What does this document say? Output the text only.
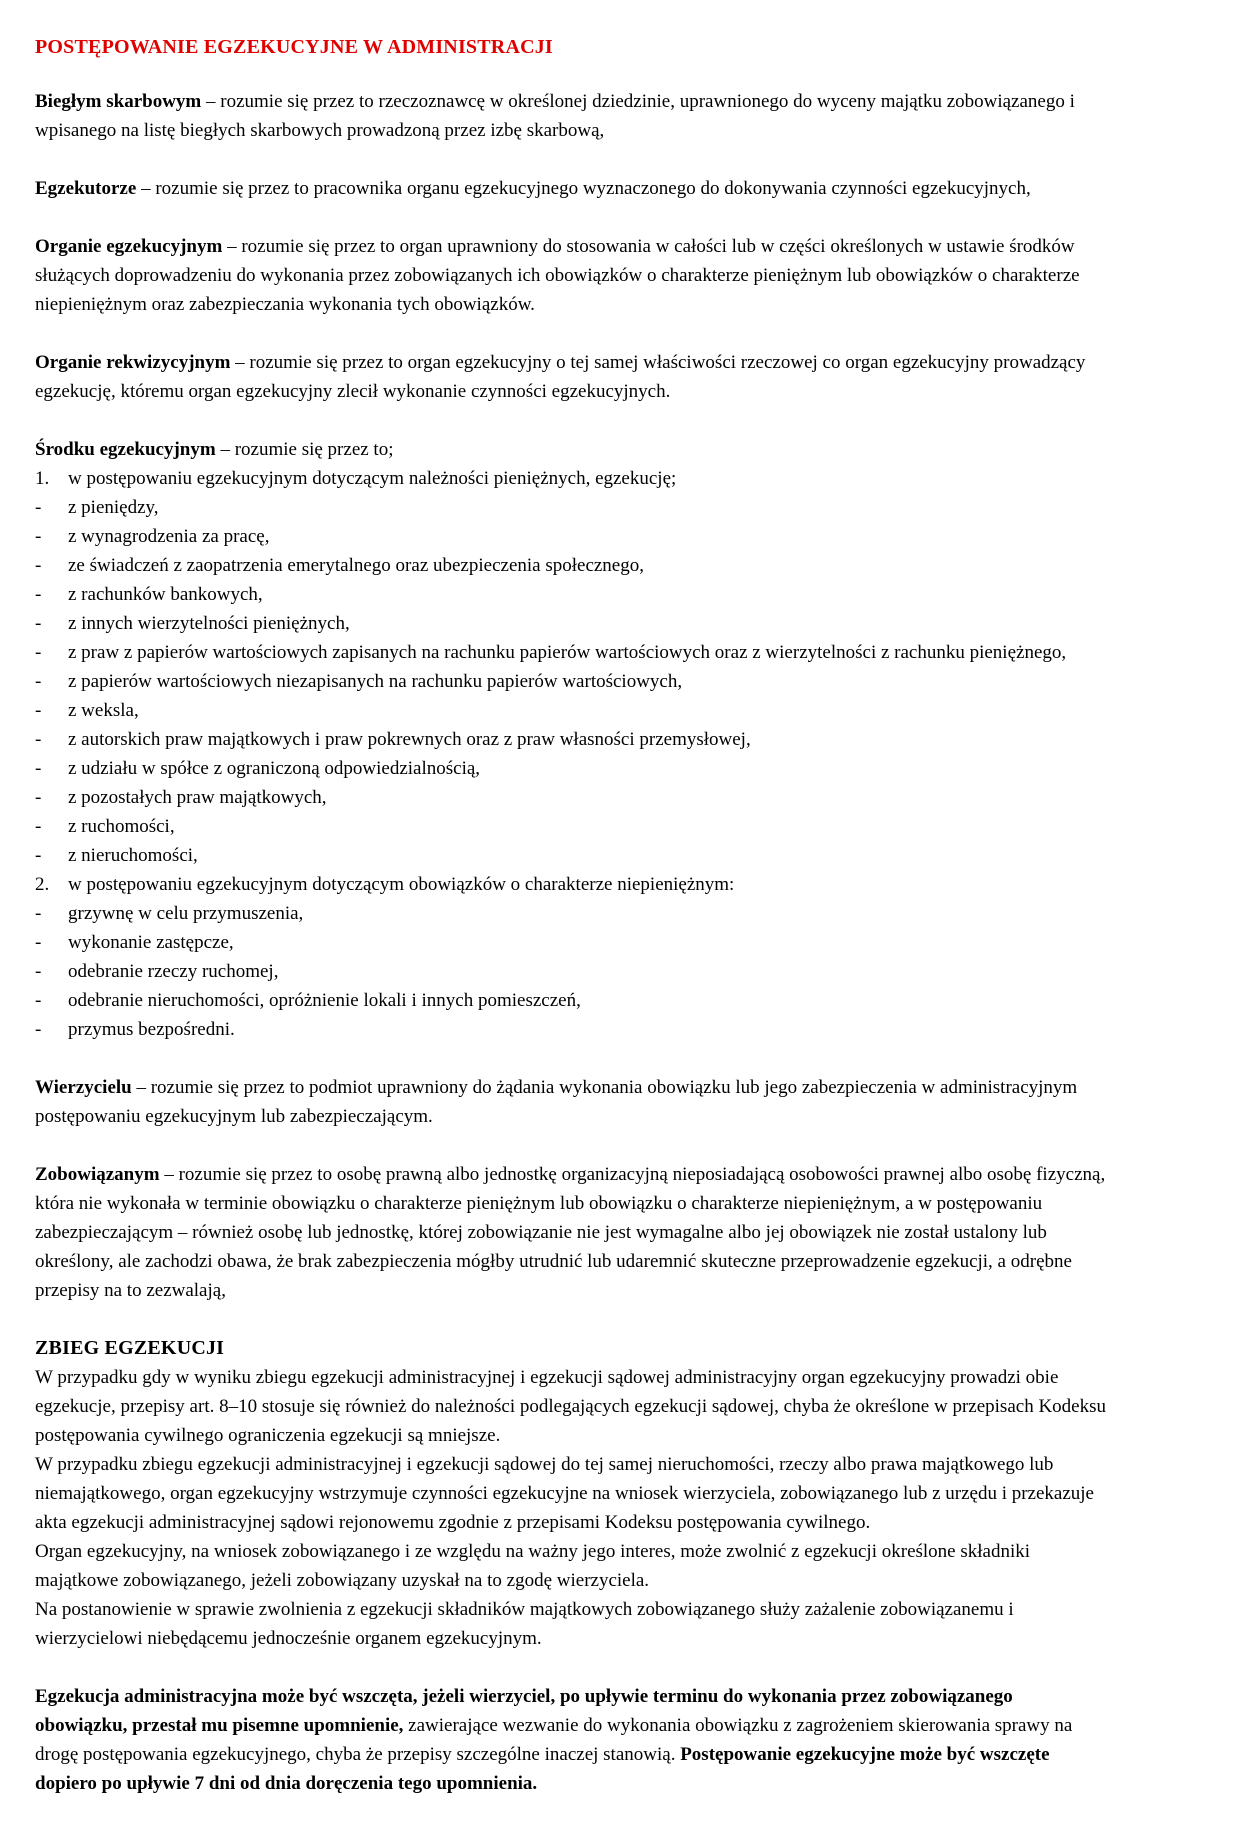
POSTĘPOWANIE EGZEKUCYJNE W ADMINISTRACJI

Biegłym skarbowym – rozumie się przez to rzeczoznawcę w określonej dziedzinie, uprawnionego do wyceny majątku zobowiązanego i wpisanego na listę biegłych skarbowych prowadzoną przez izbę skarbową,

Egzekutorze – rozumie się przez to pracownika organu egzekucyjnego wyznaczonego do dokonywania czynności egzekucyjnych,

Organie egzekucyjnym – rozumie się przez to organ uprawniony do stosowania w całości lub w części określonych w ustawie środków służących doprowadzeniu do wykonania przez zobowiązanych ich obowiązków o charakterze pieniężnym lub obowiązków o charakterze niepieniężnym oraz zabezpieczania wykonania tych obowiązków.

Organie rekwizycyjnym – rozumie się przez to organ egzekucyjny o tej samej właściwości rzeczowej co organ egzekucyjny prowadzący egzekucję, któremu organ egzekucyjny zlecił wykonanie czynności egzekucyjnych.

Środku egzekucyjnym – rozumie się przez to;

1. w postępowaniu egzekucyjnym dotyczącym należności pieniężnych, egzekucję;
-	z pieniędzy,
-	z wynagrodzenia za pracę,
-	ze świadczeń z zaopatrzenia emerytalnego oraz ubezpieczenia społecznego,
-	z rachunków bankowych,
-	z innych wierzytelności pieniężnych,
-	z praw z papierów wartościowych zapisanych na rachunku papierów wartościowych oraz z wierzytelności z rachunku pieniężnego,
-	z papierów wartościowych niezapisanych na rachunku papierów wartościowych,
-	z weksla,
-	z autorskich praw majątkowych i praw pokrewnych oraz z praw własności przemysłowej,
-	z udziału w spółce z ograniczoną odpowiedzialnością,
-	z pozostałych praw majątkowych,
-	z ruchomości,
-	z nieruchomości,
2. w postępowaniu egzekucyjnym dotyczącym obowiązków o charakterze niepieniężnym:
-	grzywnę w celu przymuszenia,
-	wykonanie zastępcze,
-	odebranie rzeczy ruchomej,
-	odebranie nieruchomości, opróżnienie lokali i innych pomieszczeń,
-	przymus bezpośredni.

Wierzycielu – rozumie się przez to podmiot uprawniony do żądania wykonania obowiązku lub jego zabezpieczenia w administracyjnym postępowaniu egzekucyjnym lub zabezpieczającym.

Zobowiązanym – rozumie się przez to osobę prawną albo jednostkę organizacyjną nieposiadającą osobowości prawnej albo osobę fizyczną, która nie wykonała w terminie obowiązku o charakterze pieniężnym lub obowiązku o charakterze niepieniężnym, a w postępowaniu zabezpieczającym – również osobę lub jednostkę, której zobowiązanie nie jest wymagalne albo jej obowiązek nie został ustalony lub określony, ale zachodzi obawa, że brak zabezpieczenia mógłby utrudnić lub udaremnić skuteczne przeprowadzenie egzekucji, a odrębne przepisy na to zezwalają,

ZBIEG EGZEKUCJI

W przypadku gdy w wyniku zbiegu egzekucji administracyjnej i egzekucji sądowej administracyjny organ egzekucyjny prowadzi obie egzekucje, przepisy art. 8–10 stosuje się również do należności podlegających egzekucji sądowej, chyba że określone w przepisach Kodeksu postępowania cywilnego ograniczenia egzekucji są mniejsze.

W przypadku zbiegu egzekucji administracyjnej i egzekucji sądowej do tej samej nieruchomości, rzeczy albo prawa majątkowego lub niemajątkowego, organ egzekucyjny wstrzymuje czynności egzekucyjne na wniosek wierzyciela, zobowiązanego lub z urzędu i przekazuje akta egzekucji administracyjnej sądowi rejonowemu zgodnie z przepisami Kodeksu postępowania cywilnego.

Organ egzekucyjny, na wniosek zobowiązanego i ze względu na ważny jego interes, może zwolnić z egzekucji określone składniki majątkowe zobowiązanego, jeżeli zobowiązany uzyskał na to zgodę wierzyciela.

Na postanowienie w sprawie zwolnienia z egzekucji składników majątkowych zobowiązanego służy zażalenie zobowiązanemu i wierzycielowi niebędącemu jednocześnie organem egzekucyjnym.

Egzekucja administracyjna może być wszczęta, jeżeli wierzyciel, po upływie terminu do wykonania przez zobowiązanego obowiązku, przestał mu pisemne upomnienie, zawierające wezwanie do wykonania obowiązku z zagrożeniem skierowania sprawy na drogę postępowania egzekucyjnego, chyba że przepisy szczególne inaczej stanowią. Postępowanie egzekucyjne może być wszczęte dopiero po upływie 7 dni od dnia doręczenia tego upomnienia.
